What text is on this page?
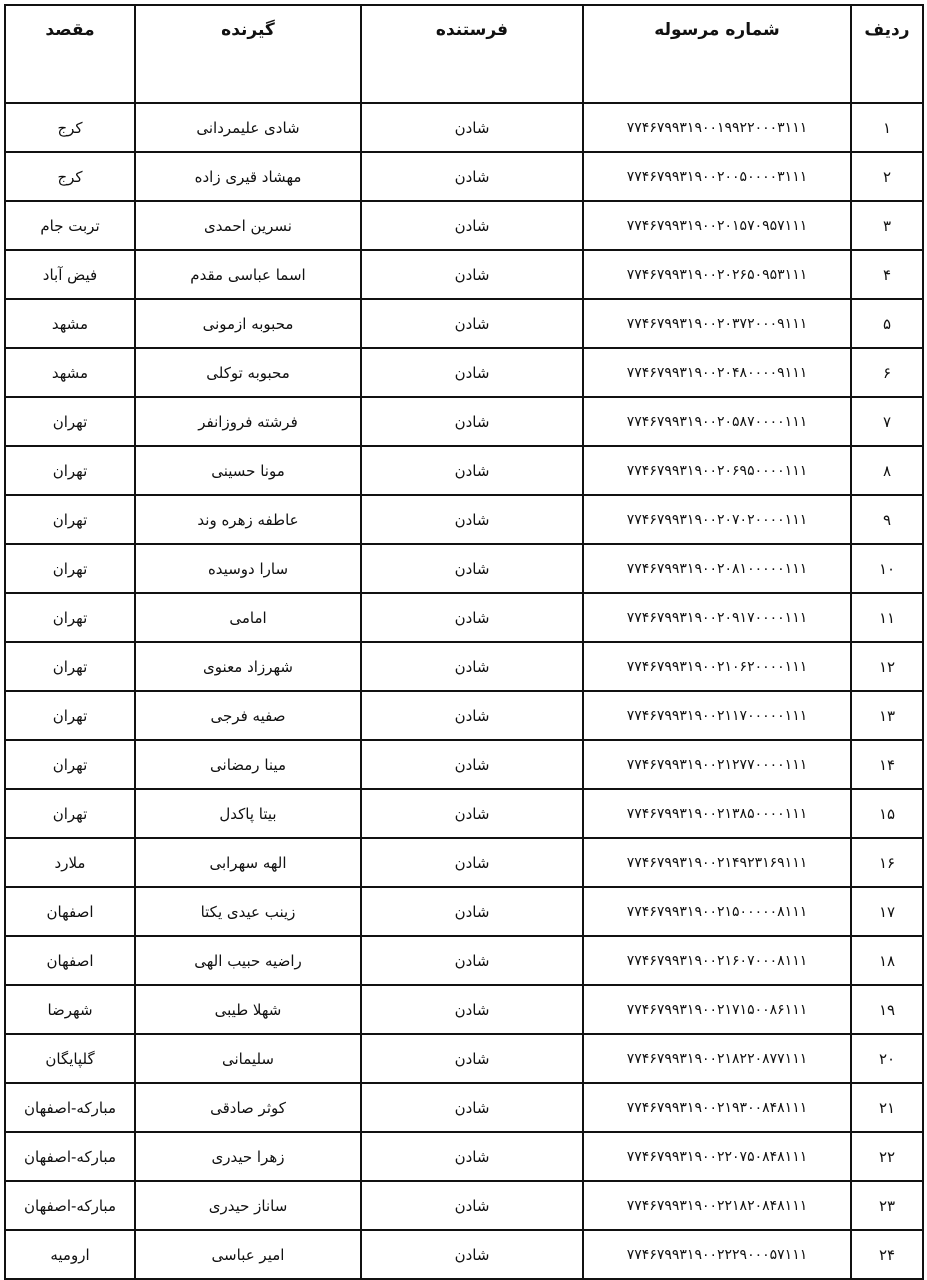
مقصد	گیرنده	فرستنده	شماره مرسوله	ردیف
کرج	شادی علیمردانی	شادن	۷۷۴۶۷۹۹۳۱۹۰۰۱۹۹۲۲۰۰۰۳۱۱۱	۱
کرج	مهشاد قیری زاده	شادن	۷۷۴۶۷۹۹۳۱۹۰۰۲۰۰۵۰۰۰۰۳۱۱۱	۲
تربت جام	نسرین احمدی	شادن	۷۷۴۶۷۹۹۳۱۹۰۰۲۰۱۵۷۰۹۵۷۱۱۱	۳
فیض آباد	اسما عباسی مقدم	شادن	۷۷۴۶۷۹۹۳۱۹۰۰۲۰۲۶۵۰۹۵۳۱۱۱	۴
مشهد	محبوبه ازمونی	شادن	۷۷۴۶۷۹۹۳۱۹۰۰۲۰۳۷۲۰۰۰۹۱۱۱	۵
مشهد	محبوبه توکلی	شادن	۷۷۴۶۷۹۹۳۱۹۰۰۲۰۴۸۰۰۰۰۹۱۱۱	۶
تهران	فرشته فروزانفر	شادن	۷۷۴۶۷۹۹۳۱۹۰۰۲۰۵۸۷۰۰۰۰۱۱۱	۷
تهران	مونا حسینی	شادن	۷۷۴۶۷۹۹۳۱۹۰۰۲۰۶۹۵۰۰۰۰۱۱۱	۸
تهران	عاطفه زهره وند	شادن	۷۷۴۶۷۹۹۳۱۹۰۰۲۰۷۰۲۰۰۰۰۱۱۱	۹
تهران	سارا دوسیده	شادن	۷۷۴۶۷۹۹۳۱۹۰۰۲۰۸۱۰۰۰۰۰۱۱۱	۱۰
تهران	امامی	شادن	۷۷۴۶۷۹۹۳۱۹۰۰۲۰۹۱۷۰۰۰۰۱۱۱	۱۱
تهران	شهرزاد معنوی	شادن	۷۷۴۶۷۹۹۳۱۹۰۰۲۱۰۶۲۰۰۰۰۱۱۱	۱۲
تهران	صفیه فرجی	شادن	۷۷۴۶۷۹۹۳۱۹۰۰۲۱۱۷۰۰۰۰۰۱۱۱	۱۳
تهران	مینا رمضانی	شادن	۷۷۴۶۷۹۹۳۱۹۰۰۲۱۲۷۷۰۰۰۰۱۱۱	۱۴
تهران	بیتا پاکدل	شادن	۷۷۴۶۷۹۹۳۱۹۰۰۲۱۳۸۵۰۰۰۰۱۱۱	۱۵
ملارد	الهه سهرابی	شادن	۷۷۴۶۷۹۹۳۱۹۰۰۲۱۴۹۲۳۱۶۹۱۱۱	۱۶
اصفهان	زینب عیدی یکتا	شادن	۷۷۴۶۷۹۹۳۱۹۰۰۲۱۵۰۰۰۰۰۸۱۱۱	۱۷
اصفهان	راضیه حبیب الهی	شادن	۷۷۴۶۷۹۹۳۱۹۰۰۲۱۶۰۷۰۰۰۸۱۱۱	۱۸
شهرضا	شهلا طیبی	شادن	۷۷۴۶۷۹۹۳۱۹۰۰۲۱۷۱۵۰۰۸۶۱۱۱	۱۹
گلپایگان	سلیمانی	شادن	۷۷۴۶۷۹۹۳۱۹۰۰۲۱۸۲۲۰۸۷۷۱۱۱	۲۰
مبارکه-اصفهان	کوثر صادقی	شادن	۷۷۴۶۷۹۹۳۱۹۰۰۲۱۹۳۰۰۸۴۸۱۱۱	۲۱
مبارکه-اصفهان	زهرا حیدری	شادن	۷۷۴۶۷۹۹۳۱۹۰۰۲۲۰۷۵۰۸۴۸۱۱۱	۲۲
مبارکه-اصفهان	ساناز حیدری	شادن	۷۷۴۶۷۹۹۳۱۹۰۰۲۲۱۸۲۰۸۴۸۱۱۱	۲۳
ارومیه	امیر عباسی	شادن	۷۷۴۶۷۹۹۳۱۹۰۰۲۲۲۹۰۰۰۵۷۱۱۱	۲۴
